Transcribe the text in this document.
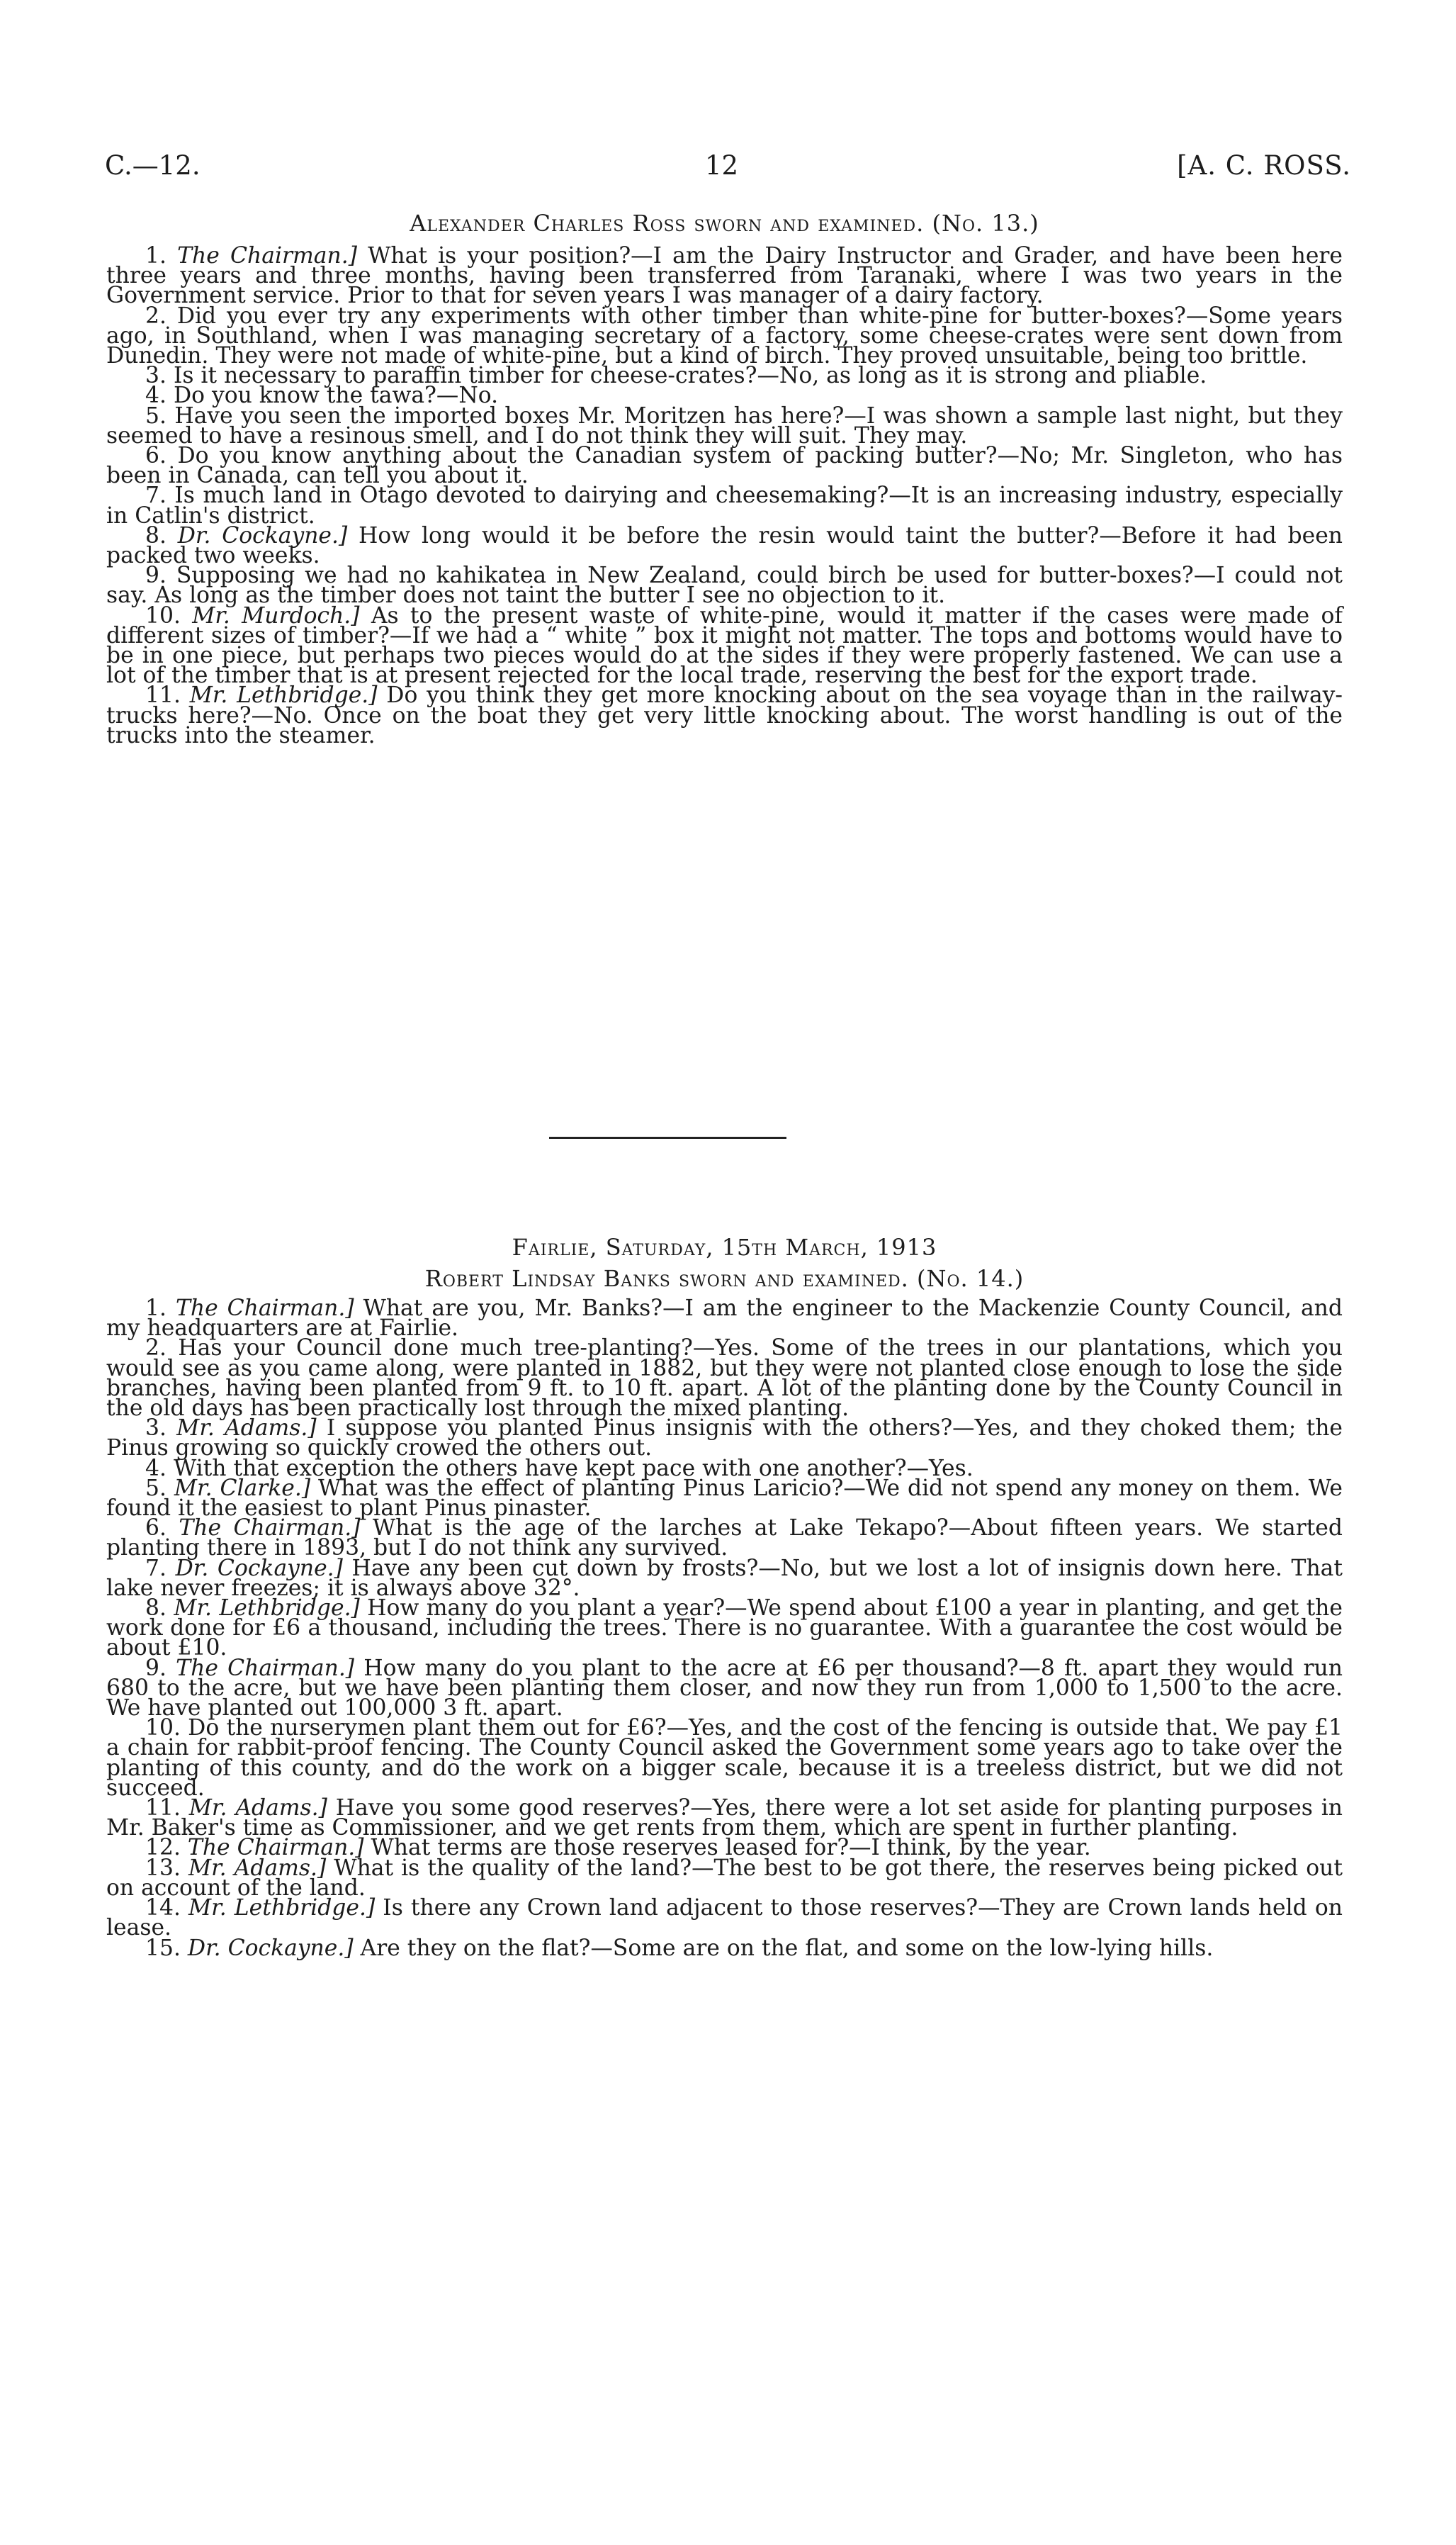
C.—12.	12	[A. C. ROSS.
Alexander Charles Ross sworn and examined. (No. 13.)

1. The Chairman.] What is your position?—I am the Dairy Instructor and Grader, and have been here three years and three months, having been transferred from Taranaki, where I was two years in the Government service. Prior to that for seven years I was manager of a dairy factory.

2. Did you ever try any experiments with other timber than white-pine for butter-boxes?—Some years ago, in Southland, when I was managing secretary of a factory, some cheese-crates were sent down from Dunedin. They were not made of white-pine, but a kind of birch. They proved unsuitable, being too brittle.

3. Is it necessary to paraffin timber for cheese-crates?—No, as long as it is strong and pliable.

4. Do you know the tawa?—No.

5. Have you seen the imported boxes Mr. Moritzen has here?—I was shown a sample last night, but they seemed to have a resinous smell, and I do not think they will suit. They may.

6. Do you know anything about the Canadian system of packing butter?—No; Mr. Singleton, who has been in Canada, can tell you about it.

7. Is much land in Otago devoted to dairying and cheesemaking?—It is an increasing industry, especially in Catlin's district.

8. Dr. Cockayne.] How long would it be before the resin would taint the butter?—Before it had been packed two weeks.

9. Supposing we had no kahikatea in New Zealand, could birch be used for butter-boxes?—I could not say. As long as the timber does not taint the butter I see no objection to it.

10. Mr. Murdoch.] As to the present waste of white-pine, would it matter if the cases were made of different sizes of timber?—If we had a “ white ” box it might not matter. The tops and bottoms would have to be in one piece, but perhaps two pieces would do at the sides if they were properly fastened. We can use a lot of the timber that is at present rejected for the local trade, reserving the best for the export trade.

11. Mr. Lethbridge.] Do you think they get more knocking about on the sea voyage than in the railway-trucks here?—No. Once on the boat they get very little knocking about. The worst handling is out of the trucks into the steamer.

Fairlie, Saturday, 15th March, 1913
Robert Lindsay Banks sworn and examined. (No. 14.)

1. The Chairman.] What are you, Mr. Banks?—I am the engineer to the Mackenzie County Council, and my headquarters are at Fairlie.

2. Has your Council done much tree-planting?—Yes. Some of the trees in our plantations, which you would see as you came along, were planted in 1882, but they were not planted close enough to lose the side branches, having been planted from 9 ft. to 10 ft. apart. A lot of the planting done by the County Council in the old days has been practically lost through the mixed planting.

3. Mr. Adams.] I suppose you planted Pinus insignis with the others?—Yes, and they choked them; the Pinus growing so quickly crowed the others out.

4. With that exception the others have kept pace with one another?—Yes.

5. Mr. Clarke.] What was the effect of planting Pinus Laricio?—We did not spend any money on them. We found it the easiest to plant Pinus pinaster.

6. The Chairman.] What is the age of the larches at Lake Tekapo?—About fifteen years. We started planting there in 1893, but I do not think any survived.

7. Dr. Cockayne.] Have any been cut down by frosts?—No, but we lost a lot of insignis down here. That lake never freezes; it is always above 32°.

8. Mr. Lethbridge.] How many do you plant a year?—We spend about £100 a year in planting, and get the work done for £6 a thousand, including the trees. There is no guarantee. With a guarantee the cost would be about £10.

9. The Chairman.] How many do you plant to the acre at £6 per thousand?—8 ft. apart they would run 680 to the acre, but we have been planting them closer, and now they run from 1,000 to 1,500 to the acre. We have planted out 100,000 3 ft. apart.

10. Do the nurserymen plant them out for £6?—Yes, and the cost of the fencing is outside that. We pay £1 a chain for rabbit-proof fencing. The County Council asked the Government some years ago to take over the planting of this county, and do the work on a bigger scale, because it is a treeless district, but we did not succeed.

11. Mr. Adams.] Have you some good reserves?—Yes, there were a lot set aside for planting purposes in Mr. Baker's time as Commissioner, and we get rents from them, which are spent in further planting.

12. The Chairman.] What terms are those reserves leased for?—I think, by the year.

13. Mr. Adams.] What is the quality of the land?—The best to be got there, the reserves being picked out on account of the land.

14. Mr. Lethbridge.] Is there any Crown land adjacent to those reserves?—They are Crown lands held on lease.

15. Dr. Cockayne.] Are they on the flat?—Some are on the flat, and some on the low-lying hills.
